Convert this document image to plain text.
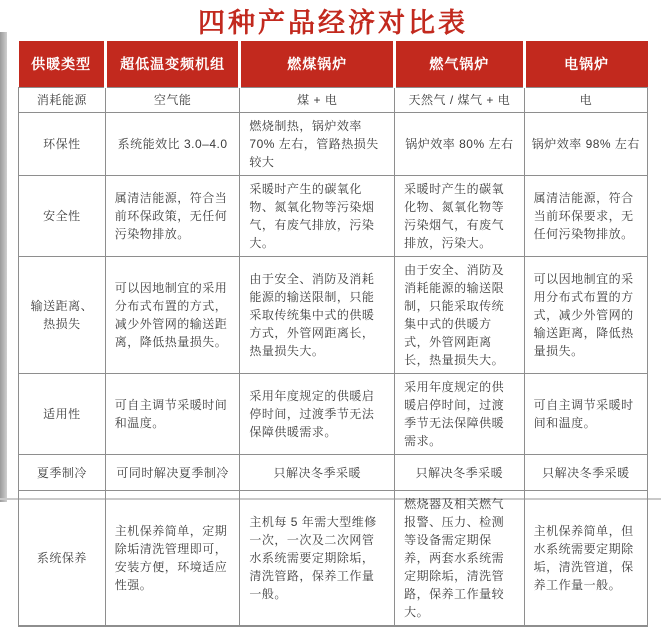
四种产品经济对比表
供暖类型	超低温变频机组	燃煤锅炉	燃气锅炉	电锅炉
消耗能源	空气能	煤 + 电	天然气 / 煤气 + 电	电
环保性	系统能效比 3.0–4.0	燃烧制热，锅炉效率 70% 左右，管路热损失较大	锅炉效率 80% 左右	锅炉效率 98% 左右
安全性	属清洁能源，符合当前环保政策，无任何污染物排放。	采暖时产生的碳氧化物、氮氧化物等污染烟气，有废气排放，污染大。	采暖时产生的碳氧化物、氮氧化物等污染烟气，有废气排放，污染大。	属清洁能源，符合当前环保要求，无任何污染物排放。
输送距离、热损失	可以因地制宜的采用分布式布置的方式，减少外管网的输送距离，降低热量损失。	由于安全、消防及消耗能源的输送限制，只能采取传统集中式的供暖方式，外管网距离长，热量损失大。	由于安全、消防及消耗能源的输送限制，只能采取传统集中式的供暖方式，外管网距离长，热量损失大。	可以因地制宜的采用分布式布置的方式，减少外管网的输送距离，降低热量损失。
适用性	可自主调节采暖时间和温度。	采用年度规定的供暖启停时间，过渡季节无法保障供暖需求。	采用年度规定的供暖启停时间，过渡季节无法保障供暖需求。	可自主调节采暖时间和温度。
夏季制冷	可同时解决夏季制冷	只解决冬季采暖	只解决冬季采暖	只解决冬季采暖
系统保养	主机保养简单，定期除垢清洗管理即可，安装方便，环境适应性强。	主机每 5 年需大型维修一次，一次及二次网管水系统需要定期除垢，清洗管路，保养工作量一般。	燃烧器及相关燃气报警、压力、检测等设备需定期保养，两套水系统需定期除垢，清洗管路，保养工作量较大。	主机保养简单，但水系统需要定期除垢，清洗管道，保养工作量一般。
